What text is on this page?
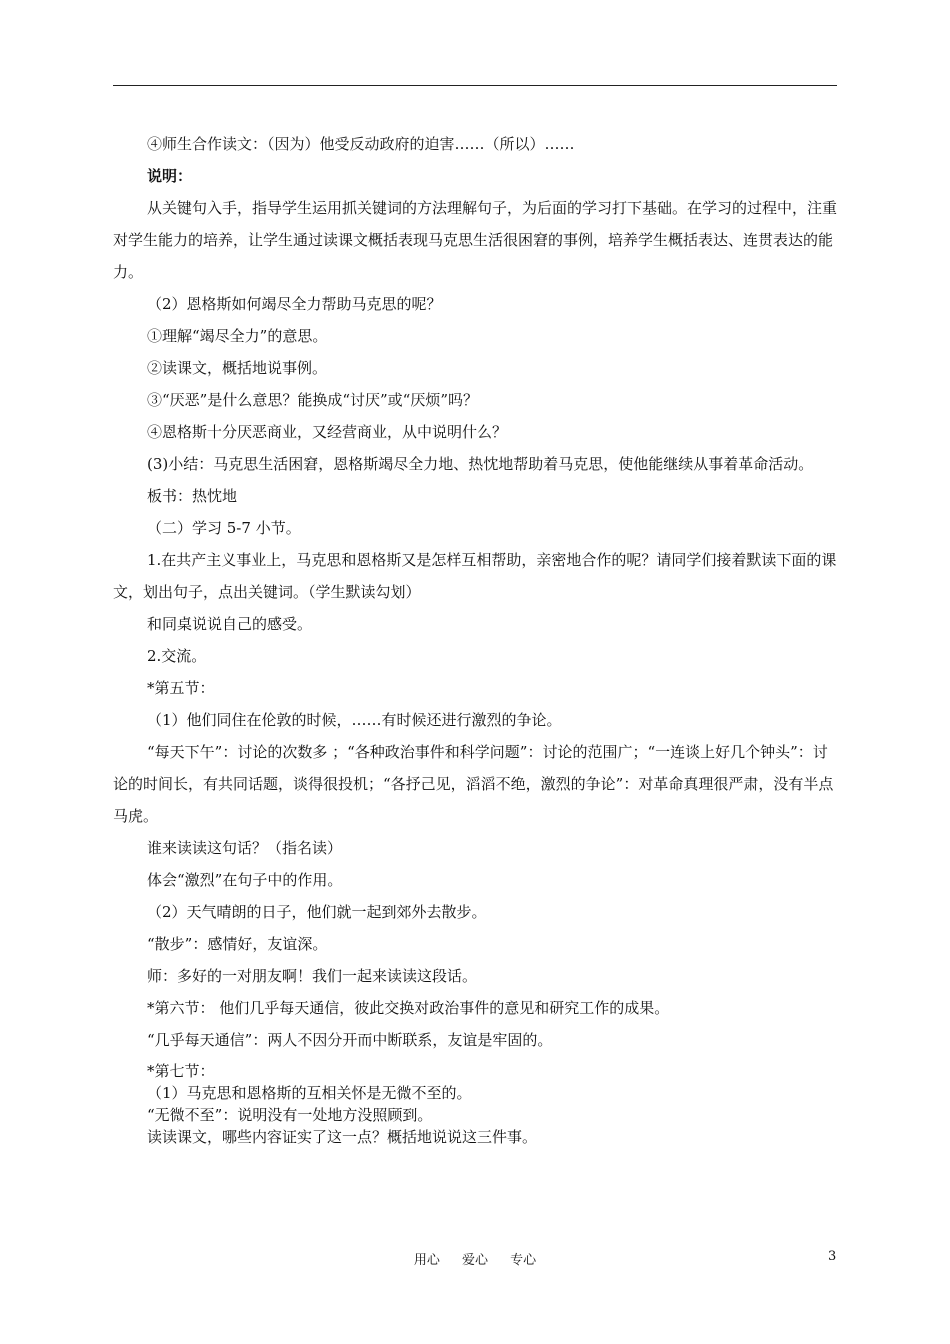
④师生合作读文：（因为）他受反动政府的迫害……（所以）……

说明：

从关键句入手，指导学生运用抓关键词的方法理解句子，为后面的学习打下基础。在学习的过程中，注重对学生能力的培养，让学生通过读课文概括表现马克思生活很困窘的事例，培养学生概括表达、连贯表达的能力。

（2）恩格斯如何竭尽全力帮助马克思的呢？

①理解“竭尽全力”的意思。

②读课文，概括地说事例。

③“厌恶”是什么意思？能换成“讨厌”或“厌烦”吗？

④恩格斯十分厌恶商业，又经营商业，从中说明什么？

(3)小结：马克思生活困窘，恩格斯竭尽全力地、热忱地帮助着马克思，使他能继续从事着革命活动。

板书：热忱地

（二）学习 5-7 小节。

1.在共产主义事业上，马克思和恩格斯又是怎样互相帮助，亲密地合作的呢？请同学们接着默读下面的课文，划出句子，点出关键词。（学生默读勾划）

和同桌说说自己的感受。

2.交流。

*第五节：

（1）他们同住在伦敦的时候，……有时候还进行激烈的争论。

“每天下午”：讨论的次数多 ；“各种政治事件和科学问题”：讨论的范围广；“一连谈上好几个钟头”：讨论的时间长，有共同话题，谈得很投机；“各抒己见，滔滔不绝，激烈的争论”：对革命真理很严肃，没有半点马虎。

谁来读读这句话？（指名读）

体会“激烈”在句子中的作用。

（2）天气晴朗的日子，他们就一起到郊外去散步。

“散步”：感情好，友谊深。

师：多好的一对朋友啊！我们一起来读读这段话。

*第六节： 他们几乎每天通信，彼此交换对政治事件的意见和研究工作的成果。

“几乎每天通信”：两人不因分开而中断联系，友谊是牢固的。

*第七节：

（1）马克思和恩格斯的互相关怀是无微不至的。

“无微不至”：说明没有一处地方没照顾到。

读读课文，哪些内容证实了这一点？概括地说说这三件事。

用心 爱心 专心	3
